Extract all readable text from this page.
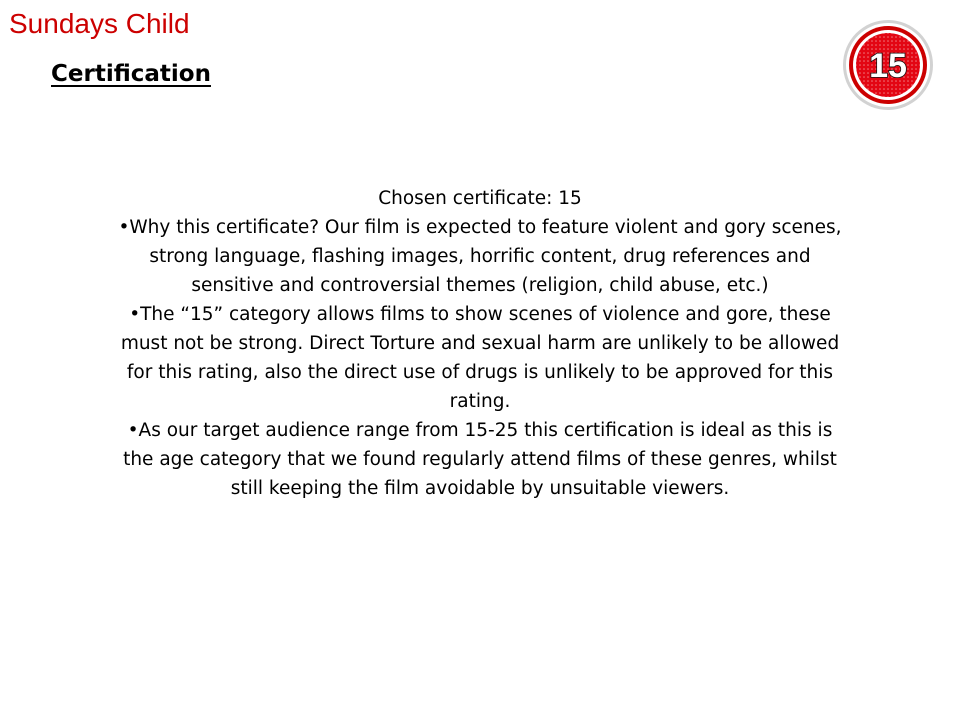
Sundays Child
Certification	15

Chosen certificate: 15

•Why this certificate? Our film is expected to feature violent and gory scenes, strong language, flashing images, horrific content, drug references and sensitive and controversial themes (religion, child abuse, etc.)

•The “15” category allows films to show scenes of violence and gore, these must not be strong. Direct Torture and sexual harm are unlikely to be allowed for this rating, also the direct use of drugs is unlikely to be approved for this rating.

•As our target audience range from 15-25 this certification is ideal as this is the age category that we found regularly attend films of these genres, whilst still keeping the film avoidable by unsuitable viewers.
